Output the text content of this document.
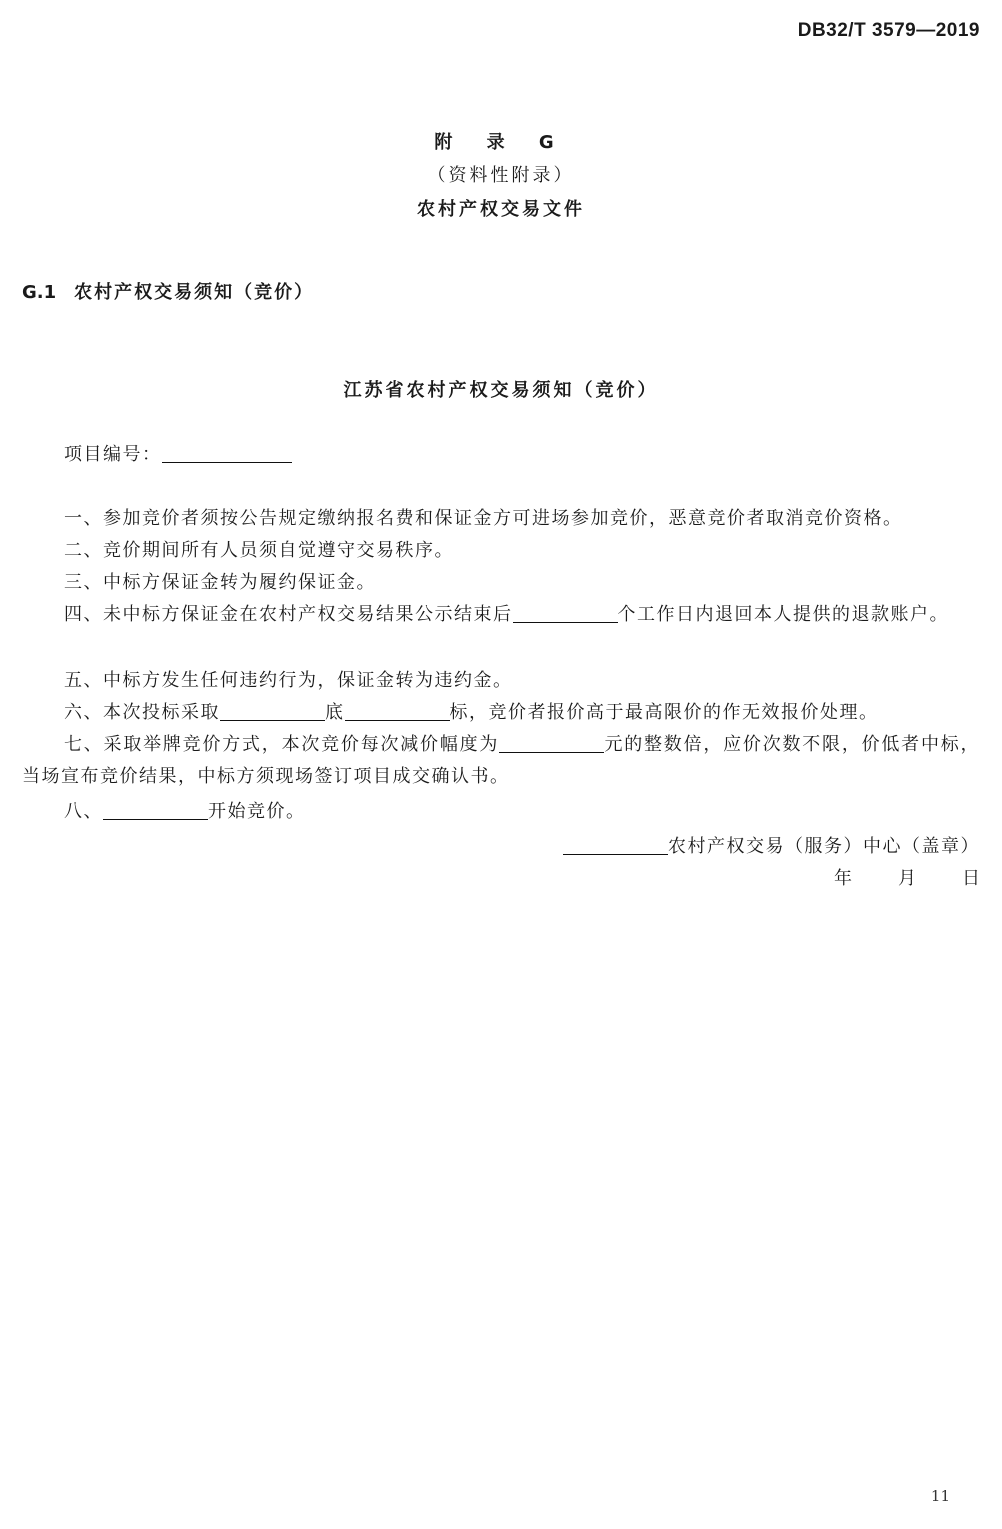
DB32/T 3579—2019
附 录 G
（资料性附录）
农村产权交易文件
G.1 农村产权交易须知（竞价）
江苏省农村产权交易须知（竞价）
项目编号：
一、参加竞价者须按公告规定缴纳报名费和保证金方可进场参加竞价，恶意竞价者取消竞价资格。
二、竞价期间所有人员须自觉遵守交易秩序。
三、中标方保证金转为履约保证金。
四、未中标方保证金在农村产权交易结果公示结束后	个工作日内退回本人提供的退款账户。
五、中标方发生任何违约行为，保证金转为违约金。
六、本次投标采取	底	标，竞价者报价高于最高限价的作无效报价处理。
七、采取举牌竞价方式，本次竞价每次减价幅度为	元的整数倍，应价次数不限，价低者中标，当场宣布竞价结果，中标方须现场签订项目成交确认书。
八、	开始竞价。
农村产权交易（服务）中心（盖章）
年	月	日
11
